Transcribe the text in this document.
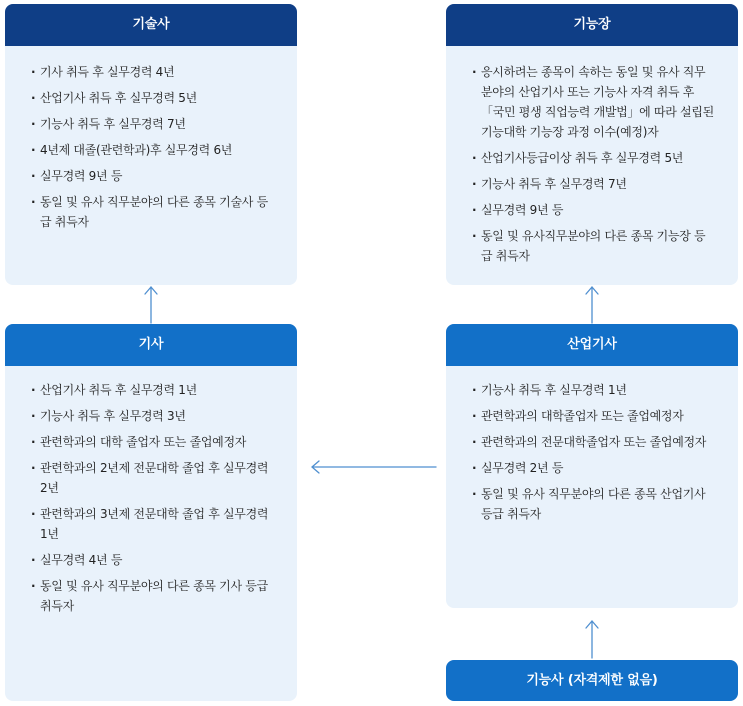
기술사
· 기사 취득 후 실무경력 4년
· 산업기사 취득 후 실무경력 5년
· 기능사 취득 후 실무경력 7년
· 4년제 대졸(관련학과)후 실무경력 6년
· 실무경력 9년 등
· 동일 및 유사 직무분야의 다른 종목 기술사 등급 취득자
기능장
· 응시하려는 종목이 속하는 동일 및 유사 직무분야의 산업기사 또는 기능사 자격 취득 후 「국민 평생 직업능력 개발법」에 따라 설립된 기능대학 기능장 과정 이수(예정)자
· 산업기사등급이상 취득 후 실무경력 5년
· 기능사 취득 후 실무경력 7년
· 실무경력 9년 등
· 동일 및 유사직무분야의 다른 종목 기능장 등급 취득자
기사
· 산업기사 취득 후 실무경력 1년
· 기능사 취득 후 실무경력 3년
· 관련학과의 대학 졸업자 또는 졸업예정자
· 관련학과의 2년제 전문대학 졸업 후 실무경력 2년
· 관련학과의 3년제 전문대학 졸업 후 실무경력 1년
· 실무경력 4년 등
· 동일 및 유사 직무분야의 다른 종목 기사 등급 취득자
산업기사
· 기능사 취득 후 실무경력 1년
· 관련학과의 대학졸업자 또는 졸업예정자
· 관련학과의 전문대학졸업자 또는 졸업예정자
· 실무경력 2년 등
· 동일 및 유사 직무분야의 다른 종목 산업기사 등급 취득자
기능사 (자격제한 없음)
